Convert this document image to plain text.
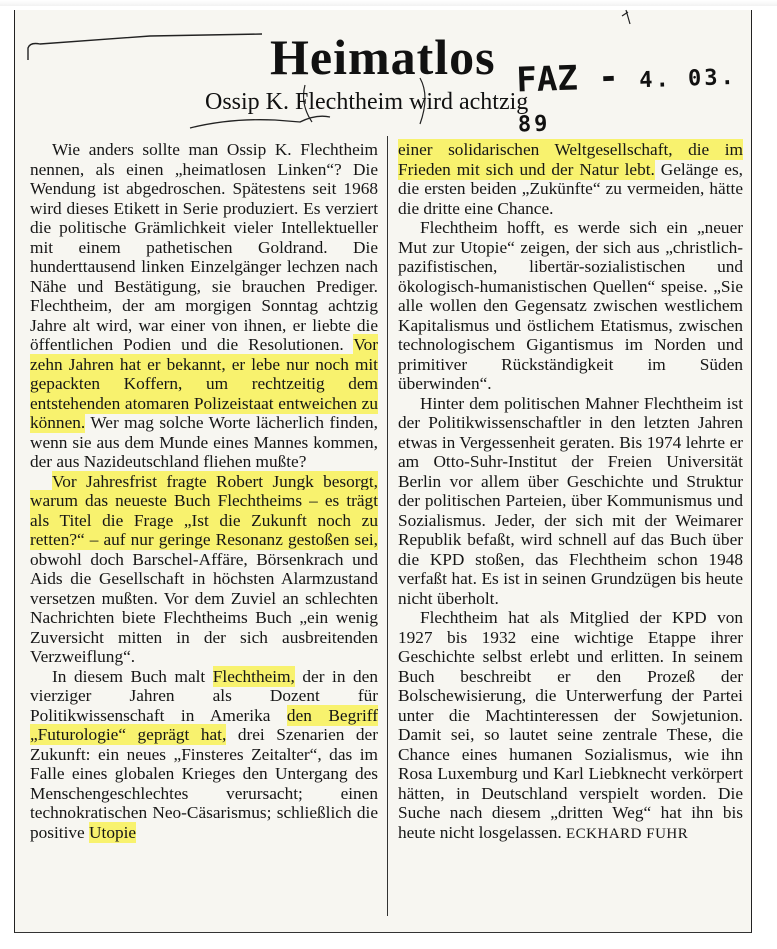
Heimatlos
Ossip K. Flechtheim wird achtzig
FAZ - 4. 03. 89

Wie anders sollte man Ossip K. Flechtheim nennen, als einen „heimatlosen Linken“? Die Wendung ist abgedroschen. Spätestens seit 1968 wird dieses Etikett in Serie produziert. Es verziert die politische Grämlichkeit vieler Intellektueller mit einem pathetischen Goldrand. Die hunderttausend linken Einzelgänger lechzen nach Nähe und Bestätigung, sie brauchen Prediger. Flechtheim, der am morgigen Sonntag achtzig Jahre alt wird, war einer von ihnen, er liebte die öffentlichen Podien und die Resolutionen. Vor zehn Jahren hat er bekannt, er lebe nur noch mit gepackten Koffern, um rechtzeitig dem entstehenden atomaren Polizeistaat entweichen zu können. Wer mag solche Worte lächerlich finden, wenn sie aus dem Munde eines Mannes kommen, der aus Nazideutschland fliehen mußte?

Vor Jahresfrist fragte Robert Jungk besorgt, warum das neueste Buch Flechtheims – es trägt als Titel die Frage „Ist die Zukunft noch zu retten?“ – auf nur geringe Resonanz gestoßen sei, obwohl doch Barschel-Affäre, Börsenkrach und Aids die Gesellschaft in höchsten Alarmzustand versetzen mußten. Vor dem Zuviel an schlechten Nachrichten biete Flechtheims Buch „ein wenig Zuversicht mitten in der sich ausbreitenden Verzweiflung“.

In diesem Buch malt Flechtheim, der in den vierziger Jahren als Dozent für Politikwissenschaft in Amerika den Begriff „Futurologie“ geprägt hat, drei Szenarien der Zukunft: ein neues „Finsteres Zeitalter“, das im Falle eines globalen Krieges den Untergang des Menschengeschlechtes verursacht; einen technokratischen Neo-Cäsarismus; schließlich die positive Utopie

einer solidarischen Weltgesellschaft, die im Frieden mit sich und der Natur lebt. Gelänge es, die ersten beiden „Zukünfte“ zu vermeiden, hätte die dritte eine Chance.

Flechtheim hofft, es werde sich ein „neuer Mut zur Utopie“ zeigen, der sich aus „christlich-pazifistischen, libertär-sozialistischen und ökologisch-humanistischen Quellen“ speise. „Sie alle wollen den Gegensatz zwischen westlichem Kapitalismus und östlichem Etatismus, zwischen technologischem Gigantismus im Norden und primitiver Rückständigkeit im Süden überwinden“.

Hinter dem politischen Mahner Flechtheim ist der Politikwissenschaftler in den letzten Jahren etwas in Vergessenheit geraten. Bis 1974 lehrte er am Otto-Suhr-Institut der Freien Universität Berlin vor allem über Geschichte und Struktur der politischen Parteien, über Kommunismus und Sozialismus. Jeder, der sich mit der Weimarer Republik befaßt, wird schnell auf das Buch über die KPD stoßen, das Flechtheim schon 1948 verfaßt hat. Es ist in seinen Grundzügen bis heute nicht überholt.

Flechtheim hat als Mitglied der KPD von 1927 bis 1932 eine wichtige Etappe ihrer Geschichte selbst erlebt und erlitten. In seinem Buch beschreibt er den Prozeß der Bolschewisierung, die Unterwerfung der Partei unter die Machtinteressen der Sowjetunion. Damit sei, so lautet seine zentrale These, die Chance eines humanen Sozialismus, wie ihn Rosa Luxemburg und Karl Liebknecht verkörpert hätten, in Deutschland verspielt worden. Die Suche nach diesem „dritten Weg“ hat ihn bis heute nicht losgelassen. ECKHARD FUHR
